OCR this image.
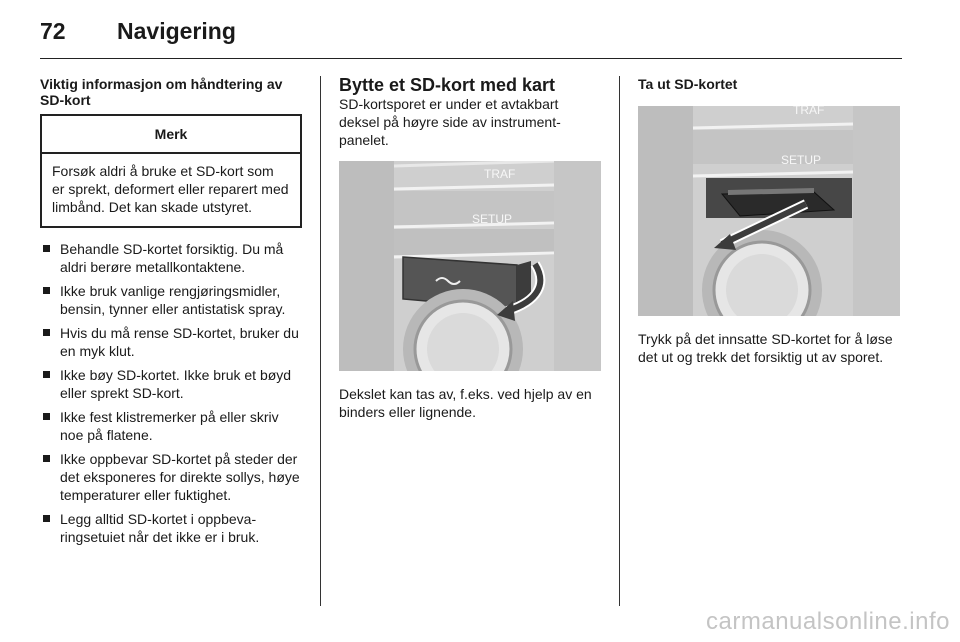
72 Navigering

Viktig informasjon om håndtering av SD-kort

Merk
Forsøk aldri å bruke et SD-kort som er sprekt, deformert eller reparert med limbånd. Det kan skade utstyret.
Behandle SD-kortet forsiktig. Du må aldri berøre metallkontaktene.
Ikke bruk vanlige rengjøringsmidler, bensin, tynner eller antistatisk spray.
Hvis du må rense SD-kortet, bruker du en myk klut.
Ikke bøy SD-kortet. Ikke bruk et bøyd eller sprekt SD-kort.
Ikke fest klistremerker på eller skriv noe på flatene.
Ikke oppbevar SD-kortet på steder der det eksponeres for direkte sollys, høye temperaturer eller fuktighet.
Legg alltid SD-kortet i oppbevaringsetuiet når det ikke er i bruk.

Bytte et SD-kort med kart

SD-kortsporet er under et avtakbart deksel på høyre side av instrumentpanelet.

TRAF
SETUP

Dekslet kan tas av, f.eks. ved hjelp av en binders eller lignende.

Ta ut SD-kortet

TRAF
SETUP

Trykk på det innsatte SD-kortet for å løse det ut og trekk det forsiktig ut av sporet.

carmanualsonline.info
